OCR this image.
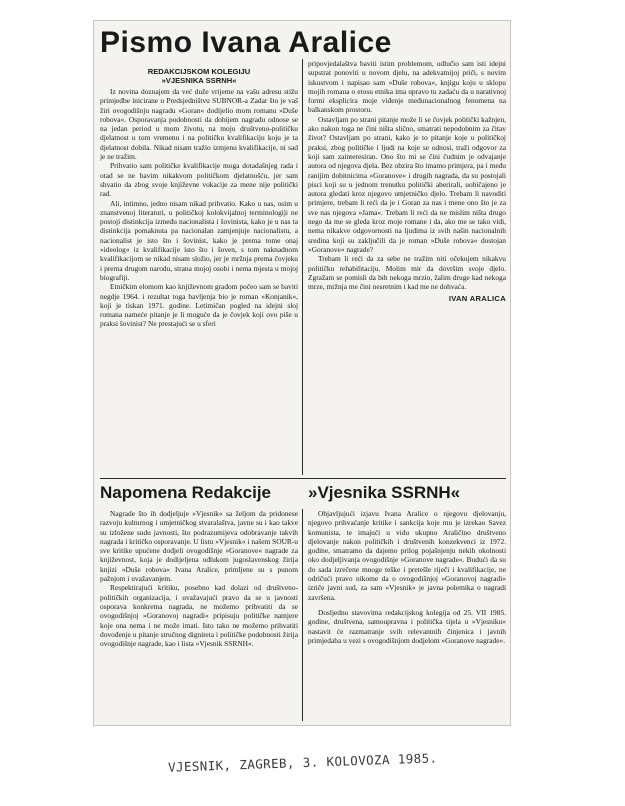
Pismo Ivana Aralice
REDAKCIJSKOM KOLEGIJU
»VJESNIKA SSRNH«

Iz novina doznajem da već duže vrijeme na vašu adresu stižu primjedbe inicirane u Predsjedništvu SUBNOR-a Zadar što je vaš žiri ovogodišnju nagradu »Goran« dodijelio mom romanu »Duše robova«. Osporavanja podobnosti da dobijem nagradu odnose se na jedan period u mom životu, na moju društveno-političku djelatnost u tom vremenu i na političku kvalifikaciju koju je ta djelatnost dobila. Nikad nisam tražio izmjenu kvalifikacije, ni sad je ne tražim.

Prihvatio sam političke kvalifikacije moga dotadašnjeg rada i otad se ne bavim nikakvom političkom djelatnošću, jer sam shvatio da zbog svoje književne vokacije za mene nije politički rad.

Ali, intimno, jedno nisam nikad prihvatio. Kako u nas, osim u znanstvenoj literaturi, u političkoj kolokvijalnoj terminologiji ne postoji distinkcija između nacionalista i šovinista, kako je u nas ta distinkcija pomaknuta pa nacionalan zamjenjuje nacionalistu, a nacionalist je isto što i šovinist, kako je prema tome onaj »ideolog« iz kvalifikacije isto što i šoven, s tom naknadnom kvalifikacijom se nikad nisam složio, jer je mržnja prema čovjeku i prema drugom narodu, strana mojoj osobi i nema mjesta u mojoj biografiji.

Etničkim elomom kao književnom građom počeo sam se baviti negdje 1964. i rezultat toga bavljenja bio je roman »Konjanik«, koji je tiskan 1971. godine. Letimičan pogled na idejni sloj romana nameće pitanje je li moguće da je čovjek koji ovo piše u praksi šovinist? Ne prestajući se u sferi

pripovjedalaštva baviti istim problemom, odlučio sam isti idejni supstrat ponoviti u novom djelu, na adekvatnijoj priči, s novim iskustvom i napisao sam »Duše robova«, knjigu koju u sklopu mojih romana o etosu etnika ima upravo tu zadaću da u narativnoj formi eksplicira moje viđenje međunacionalnog fenomena na balkanskom prostoru.

Ostavljam po strani pitanje može li se čovjek politički kažnjen, ako nakon toga ne čini ništa slično, smatrati nepodobnim za čitav život? Ostavljam po strani, kako je to pitanje koje u političkoj praksi, zbog političke i ljudi na koje se odnosi, traži odgovor za koji sam zainteresiran. Ono što mi se čini čudnim je odvajanje autora od njegova djela. Bez obzira što imamo primjera, pa i među ranijim dobitnicima »Goranove« i drugih nagrada, da su postojali pisci koji su u jednom trenutku politički aberirali, uobičajeno je autora gledati kroz njegovo umjetničko djelo. Trebam li navoditi primjere, trebam li reći da je i Goran za nas i mene ono što je za sve nas njegova »Jama«. Trebam li reći da ne mislim ništa drugo nego da me se gleda kroz moje romane i da, ako me se tako vidi, nema nikakve odgovornosti na ljudima iz svih našin nacionalnih sredina koji su zaključili da je roman »Duše robova« dostojan »Goranove« nagrade?

Trebam li reći da za sebe ne tražim niti očekujem nikakvu političku rehabilitaciju. Molim mir da dovršim svoje djelo. Zgražam se pomisli da bih nekoga mrzio, žalim druge kad nekoga mrze, mržnja me čini nesretnim i kad me ne dohvaća.

IVAN ARALICA
Napomena Redakcije »Vjesnika SSRNH«

Nagrade što ih dodjeljuje »Vjesnik« sa željom da pridonese razvoju kulturnog i umjetničkog stvaralaštva, javne su i kao takve su izložene sudu javnosti, što podrazumijeva odobravanje takvih nagrada i kritičko osporavanje. U listu »Vjesnik« i našem SOUR-u sve kritike upućene dodjeli ovogodišnje »Goranove« nagrade za književnost, koja je dodijeljena odlukom jugoslavenskog žirija knjizi »Duše robova« Ivana Aralice, primljene su s punom pažnjom i uvažavanjem.

Respektirajući kritiku, posebno kad dolazi od društveno-političkih organizacija, i uvažavajući pravo da se u javnosti osporava konkretna nagrada, ne možemo prihvatiti da se ovogodišnjoj »Goranovoj nagradi« pripisuju političke namjere koje ona nema i ne može imati. Isto tako ne možemo prihvatiti dovođenje u pitanje stručnog digniteta i političke podobnosti žirija ovogodišnje nagrade, kao i lista »Vjesnik SSRNH«.

Objavljujući izjavu Ivana Aralice o njegovu djelovanju, njegovo prihvaćanje kritike i sankcija koje mu je izrekao Savez komunista, te imajući u vidu ukupno Araličino društveno djelovanje nakon političkih i društvenih konzekvenci iz 1972. godine, smatramo da dajemo prilog pojašnjenju nekih okolnosti oko dodjeljivanja ovogodišnje »Goranove nagrade«. Budući da su do sada izrečene mnoge teške i pretešle riječi i kvalifikacije, ne odričući pravo nikome da o ovogodišnjoj »Goranovoj nagradi« izriče javni sud, za sam »Vjesnik« je javna polemika o nagradi završena.

Dosljedno stavovima redakcijskog kolegija od 25. VII 1985. godine, društvena, samoupravna i politička tijela u »Vjesniku« nastavit će razmatranje svih relevantnih činjenica i javnih primjedaba u vezi s ovogodišnjom dodjelom »Goranove nagrade«.

VJESNIK, ZAGREB, 3. KOLOVOZA 1985.
